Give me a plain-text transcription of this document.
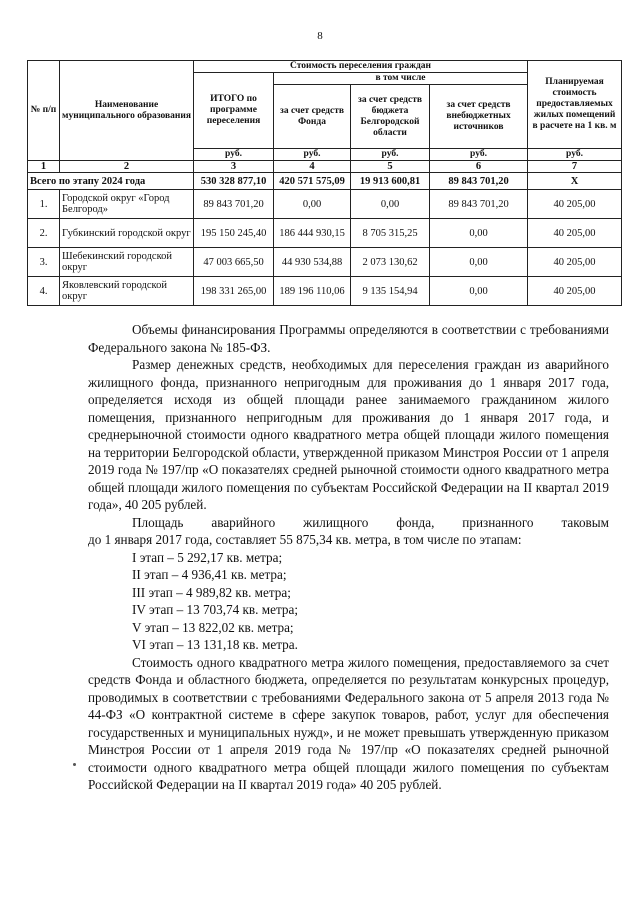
8
№ п/п	Наименование муниципального образования	Стоимость переселения граждан				Планируемая стоимость предоставляемых жилых помещений в расчете на 1 кв. м
		ИТОГО по программе переселения	в том числе			
			за счет средств Фонда	за счет средств бюджета Белгородской области	за счет средств внебюджетных источников	
		руб.	руб.	руб.	руб.	руб.
1	2	3	4	5	6	7
Всего по этапу 2024 года		530 328 877,10	420 571 575,09	19 913 600,81	89 843 701,20	Х
1.	Городской округ «Город Белгород»	89 843 701,20	0,00	0,00	89 843 701,20	40 205,00
2.	Губкинский городской округ	195 150 245,40	186 444 930,15	8 705 315,25	0,00	40 205,00
3.	Шебекинский городской округ	47 003 665,50	44 930 534,88	2 073 130,62	0,00	40 205,00
4.	Яковлевский городской округ	198 331 265,00	189 196 110,06	9 135 154,94	0,00	40 205,00

Объемы финансирования Программы определяются в соответствии с требованиями Федерального закона № 185-ФЗ.

Размер денежных средств, необходимых для переселения граждан из аварийного жилищного фонда, признанного непригодным для проживания до 1 января 2017 года, определяется исходя из общей площади ранее занимаемого гражданином жилого помещения, признанного непригодным для проживания до 1 января 2017 года, и среднерыночной стоимости одного квадратного метра общей площади жилого помещения на территории Белгородской области, утвержденной приказом Минстроя России от 1 апреля 2019 года № 197/пр «О показателях средней рыночной стоимости одного квадратного метра общей площади жилого помещения по субъектам Российской Федерации на II квартал 2019 года», 40 205 рублей.

Площадь аварийного жилищного фонда, признанного таковым

до 1 января 2017 года, составляет 55 875,34 кв. метра, в том числе по этапам:

I этап – 5 292,17 кв. метра;
II этап – 4 936,41 кв. метра;
III этап – 4 989,82 кв. метра;
IV этап – 13 703,74 кв. метра;
V этап – 13 822,02 кв. метра;
VI этап – 13 131,18 кв. метра.

Стоимость одного квадратного метра жилого помещения, предоставляемого за счет средств Фонда и областного бюджета, определяется по результатам конкурсных процедур, проводимых в соответствии с требованиями Федерального закона от 5 апреля 2013 года № 44-ФЗ «О контрактной системе в сфере закупок товаров, работ, услуг для обеспечения государственных и муниципальных нужд», и не может превышать утвержденную приказом Минстроя России от 1 апреля 2019 года № 197/пр «О показателях средней рыночной стоимости одного квадратного метра общей площади жилого помещения по субъектам Российской Федерации на II квартал 2019 года» 40 205 рублей.
